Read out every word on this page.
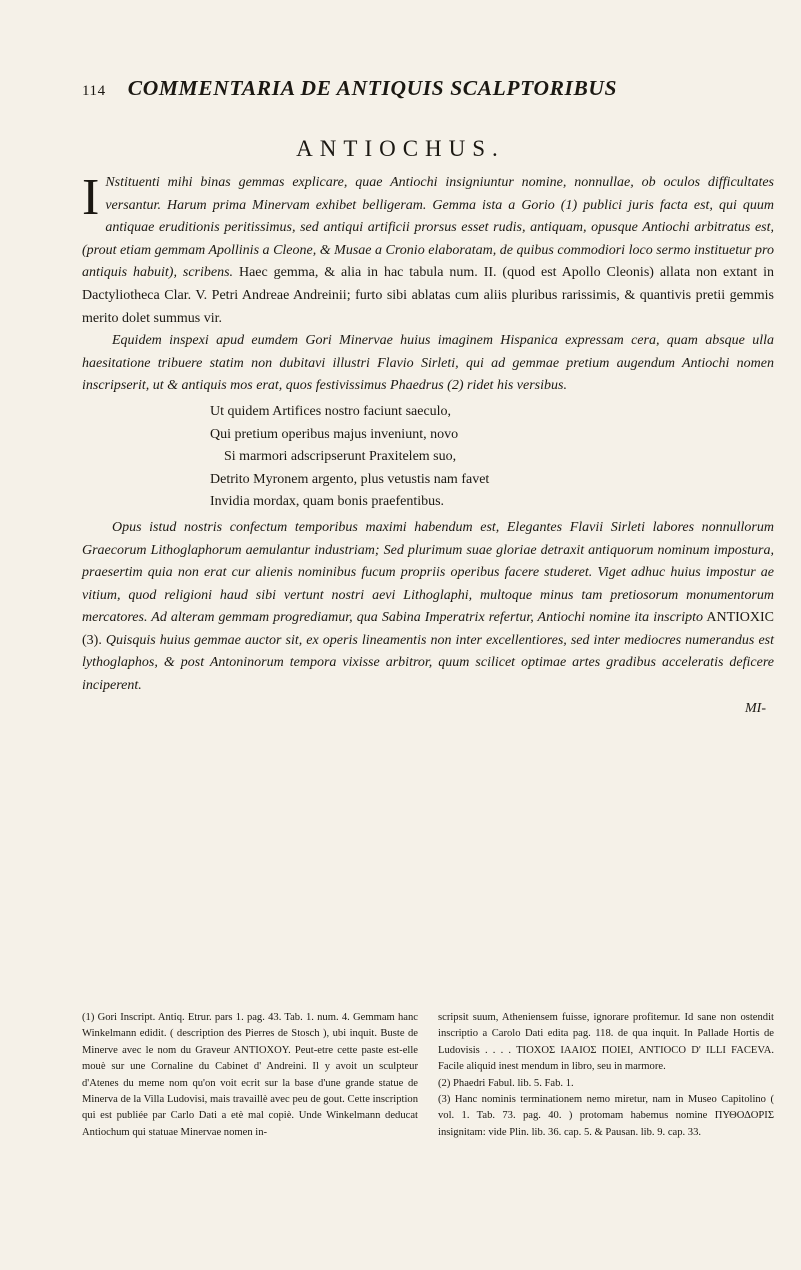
114 COMMENTARIA DE ANTIQUIS SCALPTORIBUS
ANTIOCHUS.

I Nstituenti mihi binas gemmas explicare, quae Antiochi insigniuntur nomine, nonnullae, ob oculos difficultates versantur. Harum prima Minervam exhibet belligeram. Gemma ista a Gorio (1) publici juris facta est, qui quum antiquae eruditionis peritissimus, sed antiqui artificii prorsus esset rudis, antiquam, opusque Antiochi arbitratus est, (prout etiam gemmam Apollinis a Cleone, & Musae a Cronio elaboratam, de quibus commodiori loco sermo instituetur pro antiquis habuit), scribens. Haec gemma, & alia in hac tabula num. II. (quod est Apollo Cleonis) allata non extant in Dactyliotheca Clar. V. Petri Andreae Andreinii; furto sibi ablatas cum aliis pluribus rarissimis, & quantivis pretii gemmis merito dolet summus vir.

Equidem inspexi apud eumdem Gori Minervae huius imaginem Hispanica expressam cera, quam absque ulla haesitatione tribuere statim non dubitavi illustri Flavio Sirleti, qui ad gemmae pretium augendum Antiochi nomen inscripserit, ut & antiquis mos erat, quos festivissimus Phaedrus (2) ridet his versibus.

Ut quidem Artifices nostro faciunt saeculo,
Qui pretium operibus majus inveniunt, novo
Si marmori adscripserunt Praxitelem suo,
Detrito Myronem argento, plus vetustis nam favet
Invidia mordax, quam bonis praefentibus.

Opus istud nostris confectum temporibus maximi habendum est, Elegantes Flavii Sirleti labores nonnullorum Graecorum Lithoglaphorum aemulantur industriam; Sed plurimum suae gloriae detraxit antiquorum nominum impostura, praesertim quia non erat cur alienis nominibus fucum propriis operibus facere studeret. Viget adhuc huius impostur ae vitium, quod religioni haud sibi vertunt nostri aevi Lithoglaphi, multoque minus tam pretiosorum monumentorum mercatores. Ad alteram gemmam progrediamur, qua Sabina Imperatrix refertur, Antiochi nomine ita inscripto ANTIOXIC (3). Quisquis huius gemmae auctor sit, ex operis lineamentis non inter excellentiores, sed inter mediocres numerandus est lythoglaphos, & post Antoninorum tempora vixisse arbitror, quum scilicet optimae artes gradibus acceleratis deficere inciperent.

MI-

(1) Gori Inscript. Antiq. Etrur. pars 1. pag. 43. Tab. 1. num. 4. Gemmam hanc Winkelmann edidit. ( description des Pierres de Stosch ), ubi inquit. Buste de Minerve avec le nom du Graveur ANTIOXOY. Peut-etre cette paste est-elle mouè sur une Cornaline du Cabinet d' Andreini. Il y avoit un sculpteur d'Atenes du meme nom qu'on voit ecrit sur la base d'une grande statue de Minerva de la Villa Ludovisi, mais travaillè avec peu de gout. Cette inscription qui est publiée par Carlo Dati a etè mal copiè. Unde Winkelmann deducat Antiochum qui statuae Minervae nomen in-

scripsit suum, Atheniensem fuisse, ignorare profitemur. Id sane non ostendit inscriptio a Carolo Dati edita pag. 118. de qua inquit. In Pallade Hortis de Ludovisis . . . . TIOXOΣ IAAIOΣ ΠΟΙΕΙ, ANTIOCO D' ILLI FACEVA. Facile aliquid inest mendum in libro, seu in marmore.

(2) Phaedri Fabul. lib. 5. Fab. 1.

(3) Hanc nominis terminationem nemo miretur, nam in Museo Capitolino ( vol. 1. Tab. 73. pag. 40. ) protomam habemus nomine ΠΥΘΟΔΟΡΙΣ insignitam: vide Plin. lib. 36. cap. 5. & Pausan. lib. 9. cap. 33.
